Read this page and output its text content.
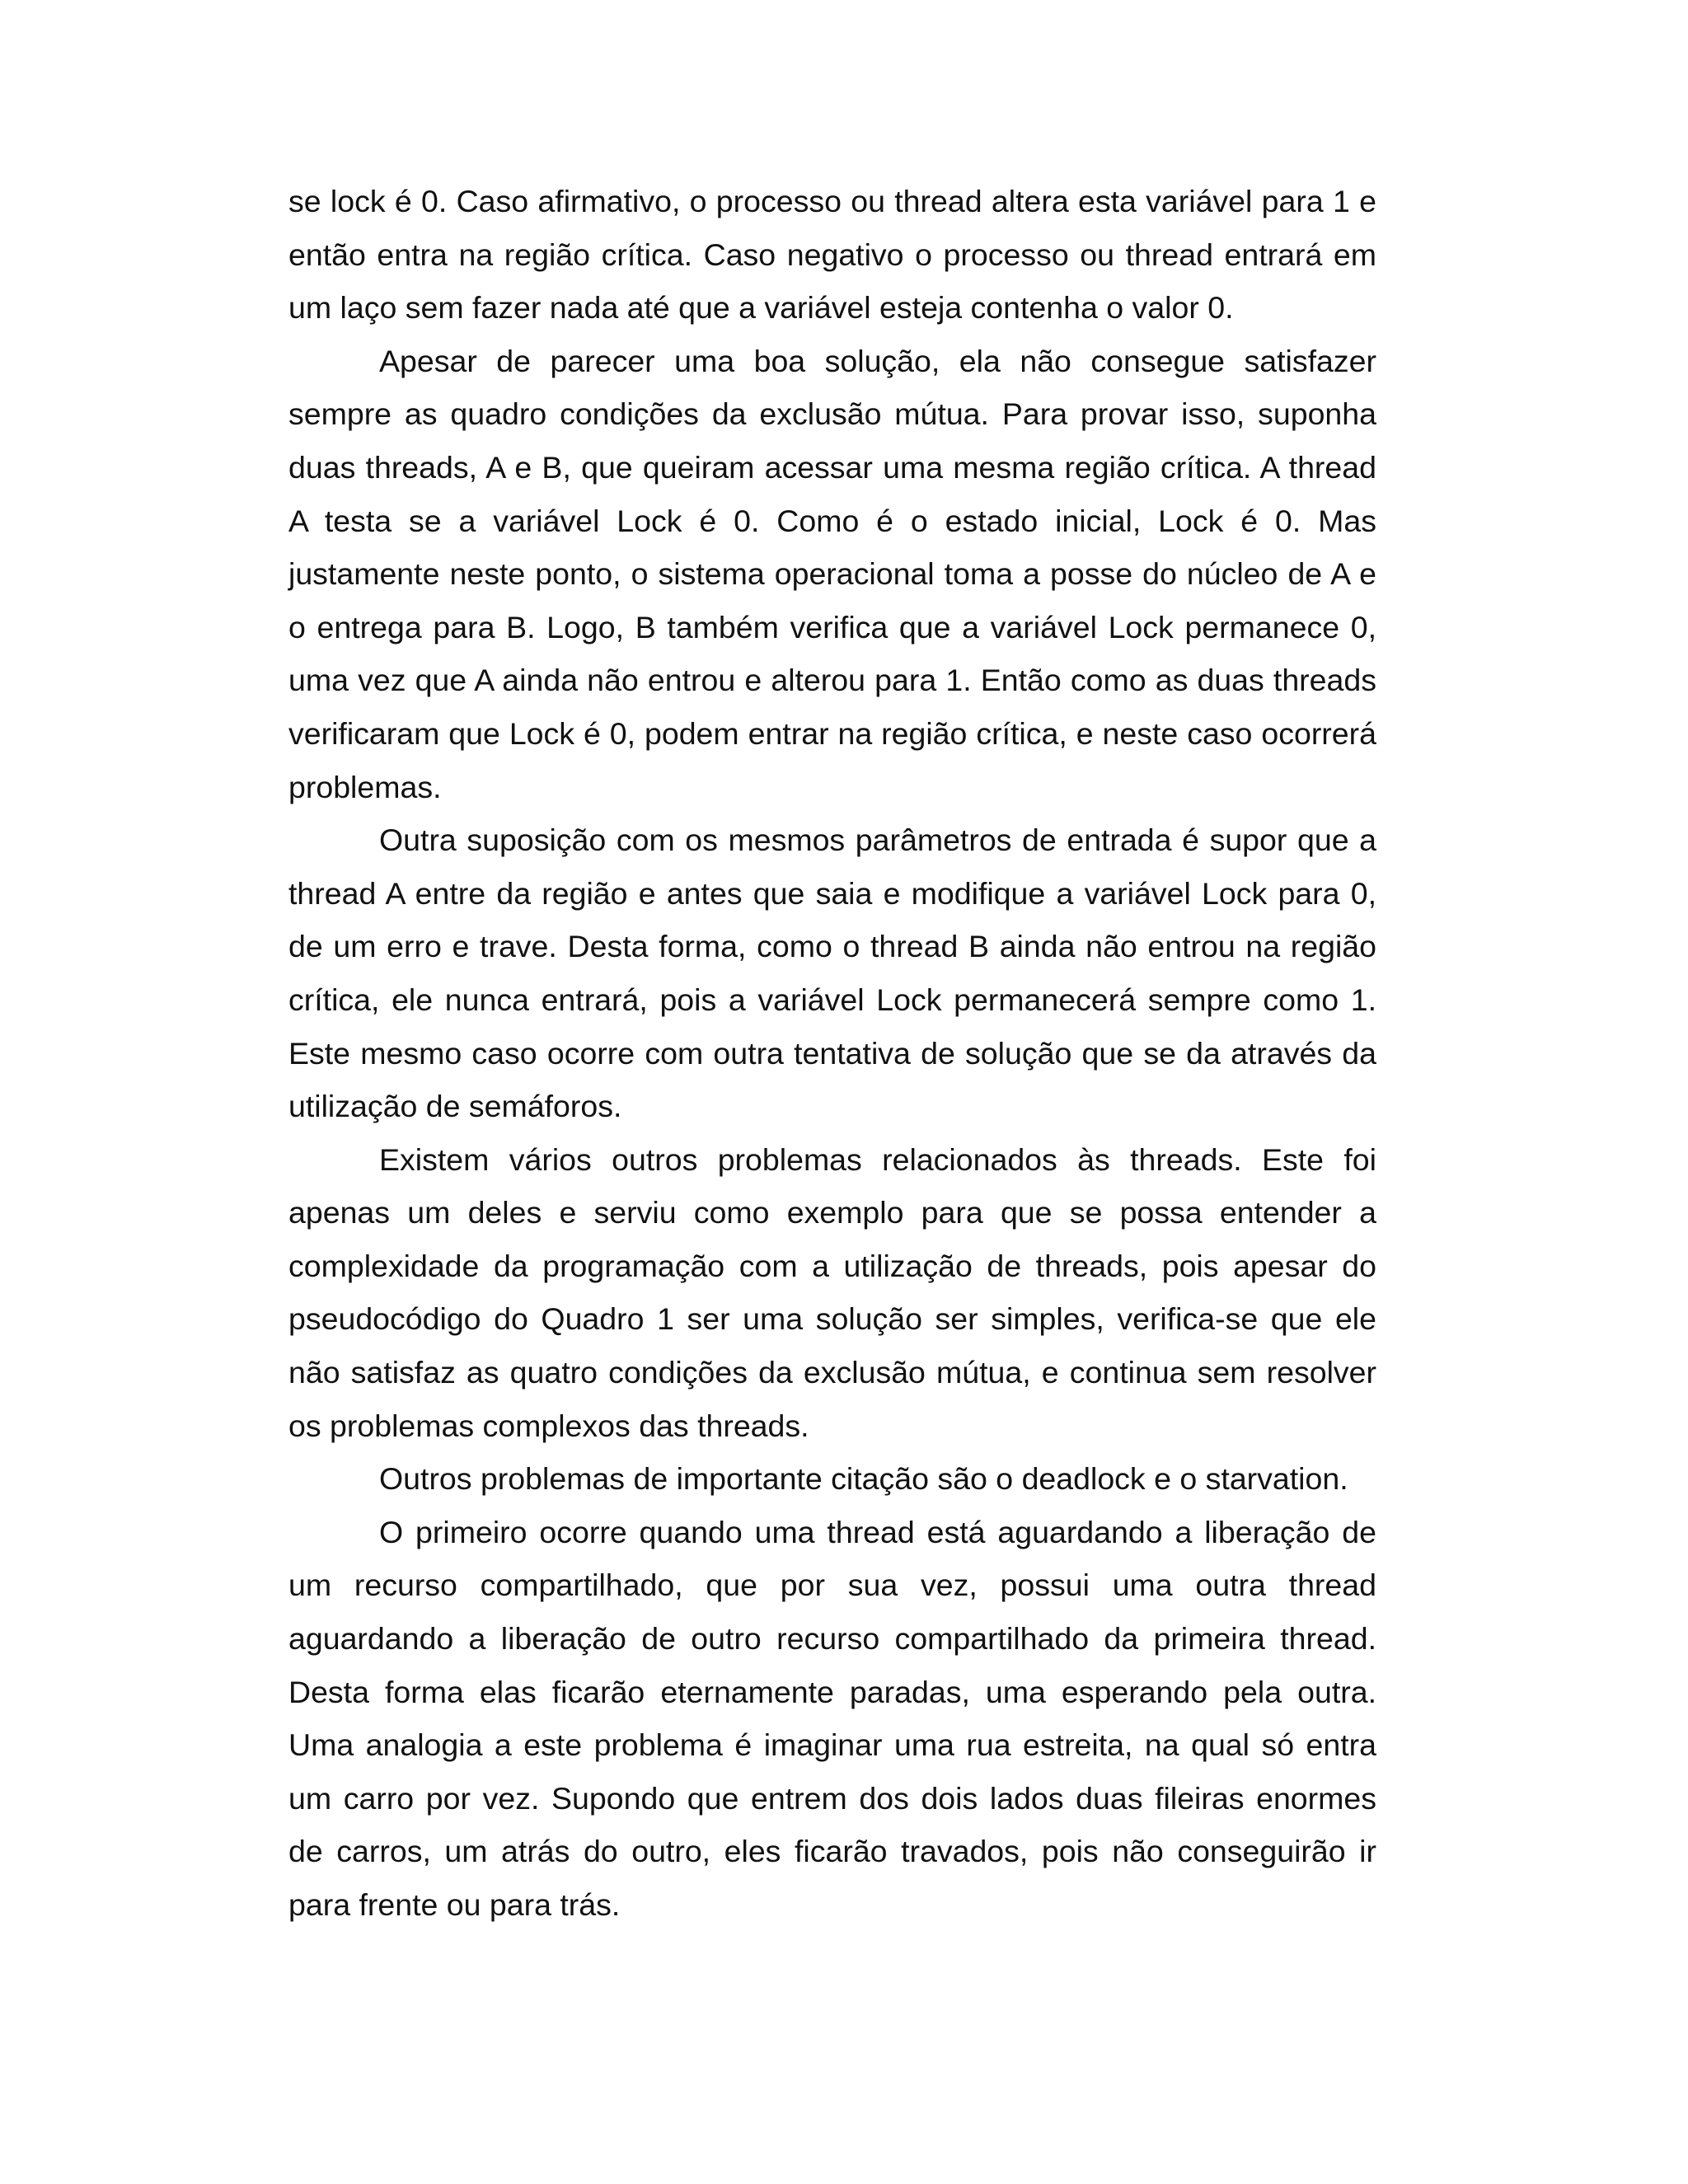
se lock é 0. Caso afirmativo, o processo ou thread altera esta variável para 1 e então entra na região crítica. Caso negativo o processo ou thread entrará em um laço sem fazer nada até que a variável esteja contenha o valor 0.

Apesar de parecer uma boa solução, ela não consegue satisfazer sempre as quadro condições da exclusão mútua. Para provar isso, suponha duas threads, A e B, que queiram acessar uma mesma região crítica. A thread A testa se a variável Lock é 0. Como é o estado inicial, Lock é 0. Mas justamente neste ponto, o sistema operacional toma a posse do núcleo de A e o entrega para B. Logo, B também verifica que a variável Lock permanece 0, uma vez que A ainda não entrou e alterou para 1. Então como as duas threads verificaram que Lock é 0, podem entrar na região crítica, e neste caso ocorrerá problemas.

Outra suposição com os mesmos parâmetros de entrada é supor que a thread A entre da região e antes que saia e modifique a variável Lock para 0, de um erro e trave. Desta forma, como o thread B ainda não entrou na região crítica, ele nunca entrará, pois a variável Lock permanecerá sempre como 1. Este mesmo caso ocorre com outra tentativa de solução que se da através da utilização de semáforos.

Existem vários outros problemas relacionados às threads. Este foi apenas um deles e serviu como exemplo para que se possa entender a complexidade da programação com a utilização de threads, pois apesar do pseudocódigo do Quadro 1 ser uma solução ser simples, verifica-se que ele não satisfaz as quatro condições da exclusão mútua, e continua sem resolver os problemas complexos das threads.

Outros problemas de importante citação são o deadlock e o starvation.

O primeiro ocorre quando uma thread está aguardando a liberação de um recurso compartilhado, que por sua vez, possui uma outra thread aguardando a liberação de outro recurso compartilhado da primeira thread. Desta forma elas ficarão eternamente paradas, uma esperando pela outra. Uma analogia a este problema é imaginar uma rua estreita, na qual só entra um carro por vez. Supondo que entrem dos dois lados duas fileiras enormes de carros, um atrás do outro, eles ficarão travados, pois não conseguirão ir para frente ou para trás.
